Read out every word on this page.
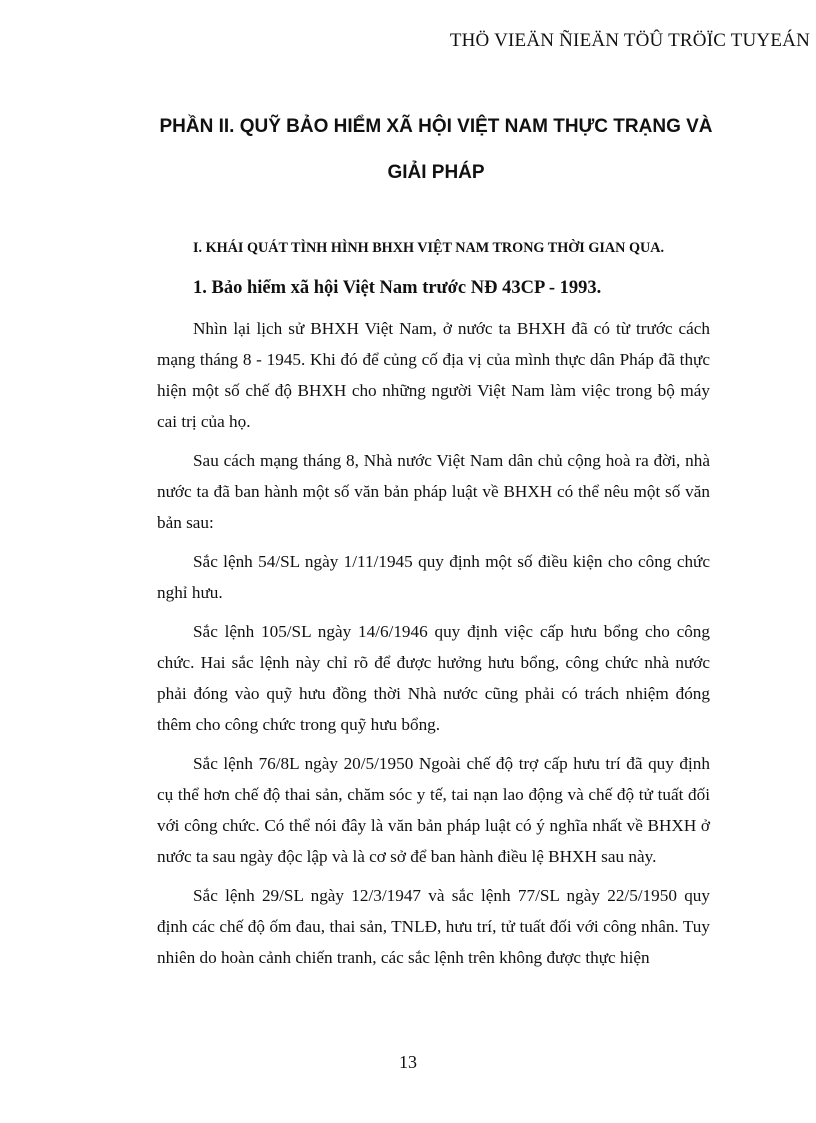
THÖ VIEÄN ÑIEÄN TÖÛ TRÖÏC TUYEÁN
PHẦN II. QUỸ BẢO HIỂM XÃ HỘI VIỆT NAM THỰC TRẠNG VÀ
GIẢI PHÁP
I. KHÁI QUÁT TÌNH HÌNH BHXH VIỆT NAM TRONG THỜI GIAN QUA.
1. Bảo hiểm xã hội Việt Nam trước NĐ 43CP - 1993.

Nhìn lại lịch sử BHXH Việt Nam, ở nước ta BHXH đã có từ trước cách mạng tháng 8 - 1945. Khi đó để củng cố địa vị của mình thực dân Pháp đã thực hiện một số chế độ BHXH cho những người Việt Nam làm việc trong bộ máy cai trị của họ.

Sau cách mạng tháng 8, Nhà nước Việt Nam dân chủ cộng hoà ra đời, nhà nước ta đã ban hành một số văn bản pháp luật về BHXH có thể nêu một số văn bản sau:

Sắc lệnh 54/SL ngày 1/11/1945 quy định một số điều kiện cho công chức nghỉ hưu.

Sắc lệnh 105/SL ngày 14/6/1946 quy định việc cấp hưu bổng cho công chức. Hai sắc lệnh này chỉ rõ để được hưởng hưu bổng, công chức nhà nước phải đóng vào quỹ hưu đồng thời Nhà nước cũng phải có trách nhiệm đóng thêm cho công chức trong quỹ hưu bổng.

Sắc lệnh 76/8L ngày 20/5/1950 Ngoài chế độ trợ cấp hưu trí đã quy định cụ thể hơn chế độ thai sản, chăm sóc y tế, tai nạn lao động và chế độ tử tuất đối với công chức. Có thể nói đây là văn bản pháp luật có ý nghĩa nhất về BHXH ở nước ta sau ngày độc lập và là cơ sở để ban hành điều lệ BHXH sau này.

Sắc lệnh 29/SL ngày 12/3/1947 và sắc lệnh 77/SL ngày 22/5/1950 quy định các chế độ ốm đau, thai sản, TNLĐ, hưu trí, tử tuất đối với công nhân. Tuy nhiên do hoàn cảnh chiến tranh, các sắc lệnh trên không được thực hiện

13
